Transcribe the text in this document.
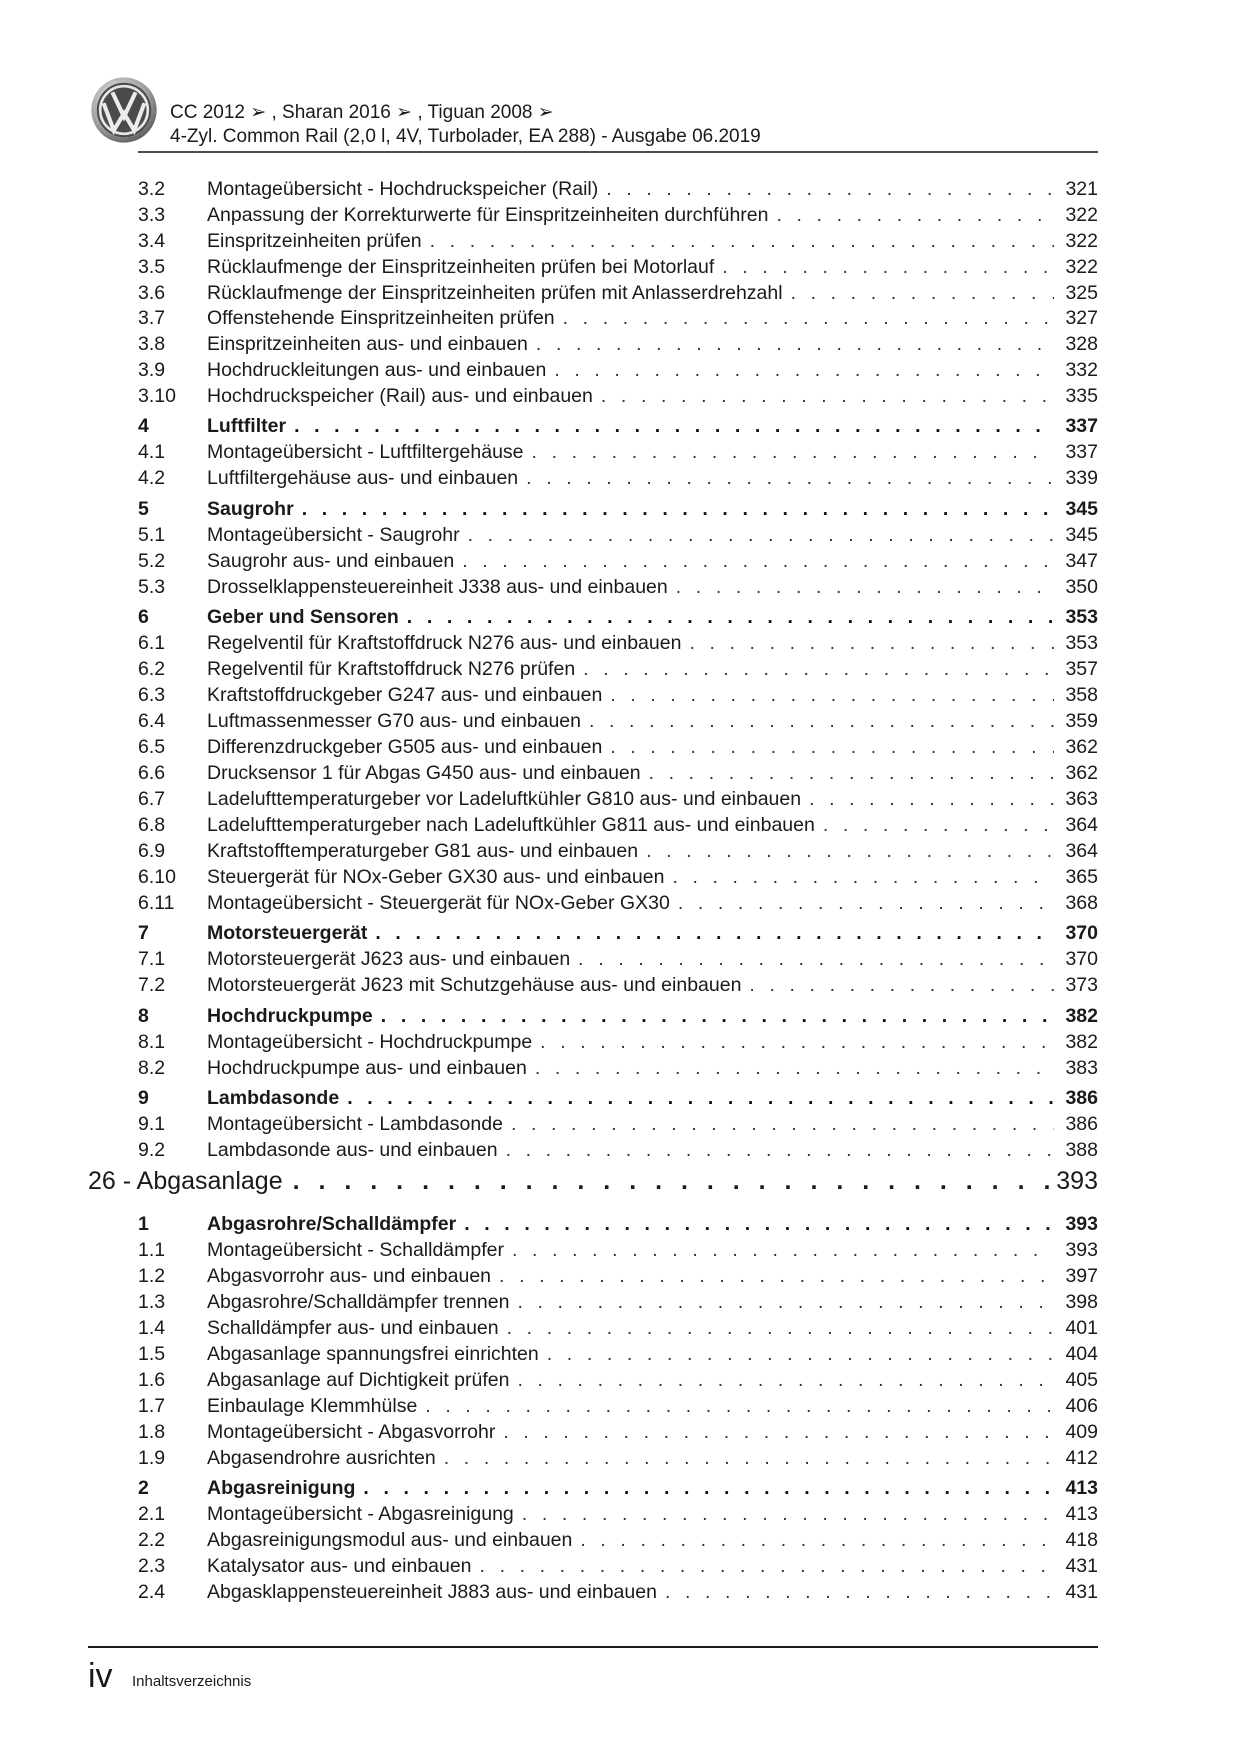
CC 2012 ➢ , Sharan 2016 ➢ , Tiguan 2008 ➢
4-Zyl. Common Rail (2,0 l, 4V, Turbolader, EA 288) - Ausgabe 06.2019
3.2	Montageübersicht - Hochdruckspeicher (Rail) . . .	321
3.3	Anpassung der Korrekturwerte für Einspritzeinheiten durchführen . . .	322
3.4	Einspritzeinheiten prüfen . . .	322
3.5	Rücklaufmenge der Einspritzeinheiten prüfen bei Motorlauf . . .	322
3.6	Rücklaufmenge der Einspritzeinheiten prüfen mit Anlasserdrehzahl . . .	325
3.7	Offenstehende Einspritzeinheiten prüfen . . .	327
3.8	Einspritzeinheiten aus- und einbauen . . .	328
3.9	Hochdruckleitungen aus- und einbauen . . .	332
3.10	Hochdruckspeicher (Rail) aus- und einbauen . . .	335
4	Luftfilter . . .	337
4.1	Montageübersicht - Luftfiltergehäuse . . .	337
4.2	Luftfiltergehäuse aus- und einbauen . . .	339
5	Saugrohr . . .	345
5.1	Montageübersicht - Saugrohr . . .	345
5.2	Saugrohr aus- und einbauen . . .	347
5.3	Drosselklappensteuereinheit J338 aus- und einbauen . . .	350
6	Geber und Sensoren . . .	353
6.1	Regelventil für Kraftstoffdruck N276 aus- und einbauen . . .	353
6.2	Regelventil für Kraftstoffdruck N276 prüfen . . .	357
6.3	Kraftstoffdruckgeber G247 aus- und einbauen . . .	358
6.4	Luftmassenmesser G70 aus- und einbauen . . .	359
6.5	Differenzdruckgeber G505 aus- und einbauen . . .	362
6.6	Drucksensor 1 für Abgas G450 aus- und einbauen . . .	362
6.7	Ladelufttemperaturgeber vor Ladeluftkühler G810 aus- und einbauen . . .	363
6.8	Ladelufttemperaturgeber nach Ladeluftkühler G811 aus- und einbauen . . .	364
6.9	Kraftstofftemperaturgeber G81 aus- und einbauen . . .	364
6.10	Steuergerät für NOx-Geber GX30 aus- und einbauen . . .	365
6.11	Montageübersicht - Steuergerät für NOx-Geber GX30 . . .	368
7	Motorsteuergerät . . .	370
7.1	Motorsteuergerät J623 aus- und einbauen . . .	370
7.2	Motorsteuergerät J623 mit Schutzgehäuse aus- und einbauen . . .	373
8	Hochdruckpumpe . . .	382
8.1	Montageübersicht - Hochdruckpumpe . . .	382
8.2	Hochdruckpumpe aus- und einbauen . . .	383
9	Lambdasonde . . .	386
9.1	Montageübersicht - Lambdasonde . . .	386
9.2	Lambdasonde aus- und einbauen . . .	388
26 - Abgasanlage . . .	393
1	Abgasrohre/Schalldämpfer . . .	393
1.1	Montageübersicht - Schalldämpfer . . .	393
1.2	Abgasvorrohr aus- und einbauen . . .	397
1.3	Abgasrohre/Schalldämpfer trennen . . .	398
1.4	Schalldämpfer aus- und einbauen . . .	401
1.5	Abgasanlage spannungsfrei einrichten . . .	404
1.6	Abgasanlage auf Dichtigkeit prüfen . . .	405
1.7	Einbaulage Klemmhülse . . .	406
1.8	Montageübersicht - Abgasvorrohr . . .	409
1.9	Abgasendrohre ausrichten . . .	412
2	Abgasreinigung . . .	413
2.1	Montageübersicht - Abgasreinigung . . .	413
2.2	Abgasreinigungsmodul aus- und einbauen . . .	418
2.3	Katalysator aus- und einbauen . . .	431
2.4	Abgasklappensteuereinheit J883 aus- und einbauen . . .	431
iv Inhaltsverzeichnis
